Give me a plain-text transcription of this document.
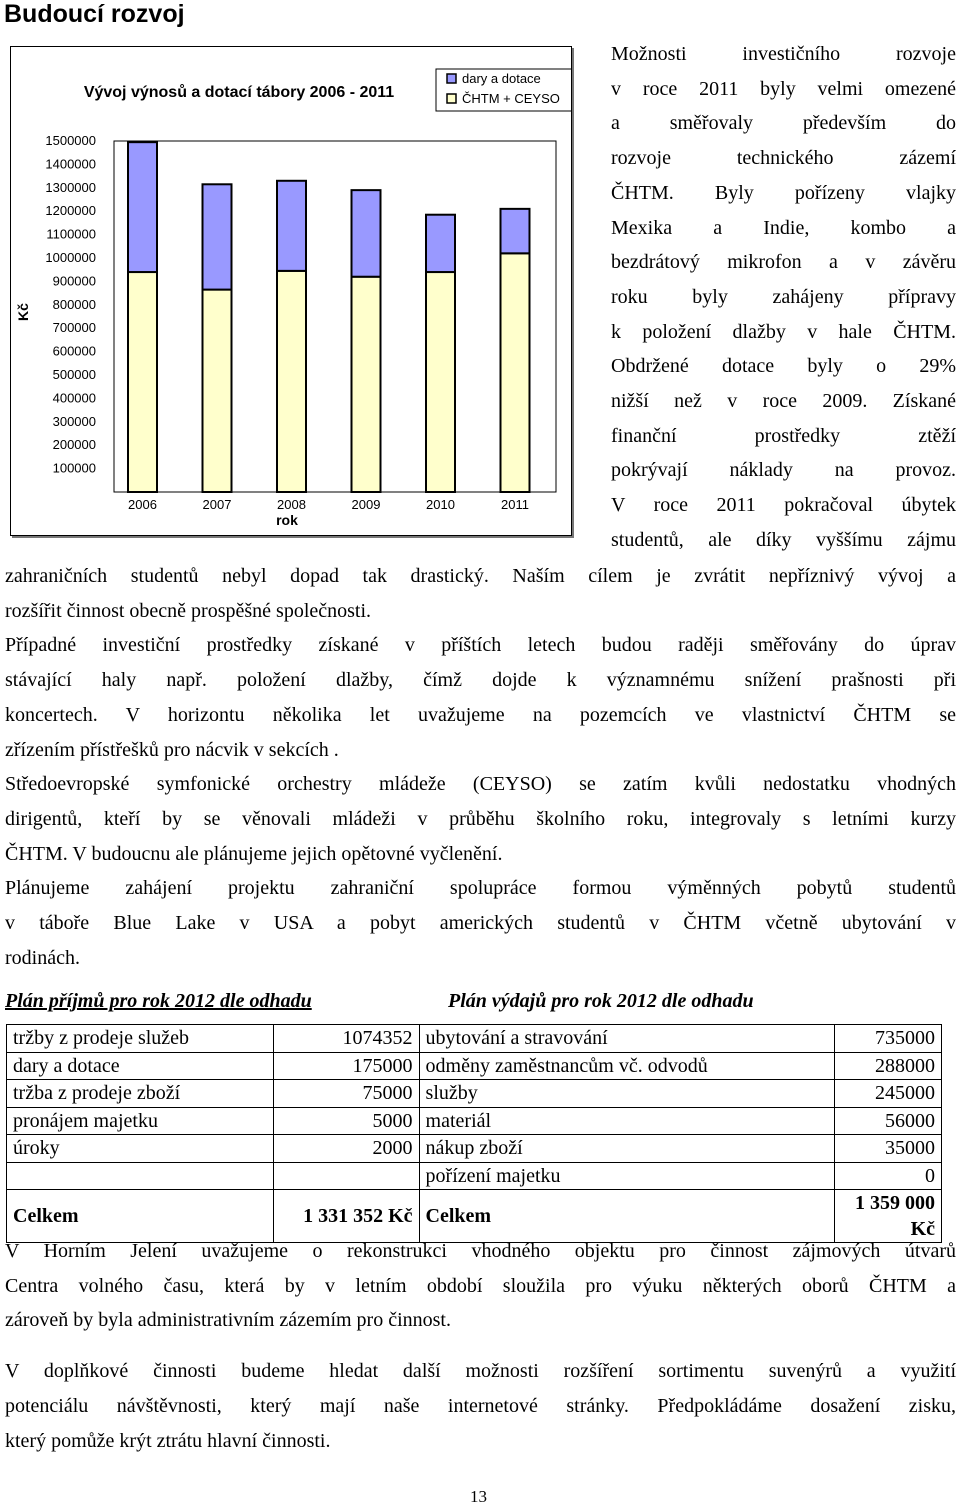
Budoucí rozvoj
Vývoj výnosů a dotací tábory 2006 - 2011
Kč
rok
1500000
1400000
1300000
1200000
1100000
1000000
900000
800000
700000
600000
500000
400000
300000
200000
100000
2006	2007	2008	2009	2010	2011
dary a dotace
ČHTM + CEYSO
Možnosti investičního rozvoje
v roce 2011 byly velmi omezené
a směřovaly především do
rozvoje technického zázemí
ČHTM. Byly pořízeny vlajky
Mexika a Indie, kombo a
bezdrátový mikrofon a v závěru
roku byly zahájeny přípravy
k položení dlažby v hale ČHTM.
Obdržené dotace byly o 29%
nižší než v roce 2009. Získané
finanční prostředky ztěží
pokrývají náklady na provoz.
V roce 2011 pokračoval úbytek
studentů, ale díky vyššímu zájmu
zahraničních studentů nebyl dopad tak drastický. Naším cílem je zvrátit nepříznivý vývoj a
rozšířit činnost obecně prospěšné společnosti.
Případné investiční prostředky získané v příštích letech budou raději směřovány do úprav
stávající haly např. položení dlažby, čímž dojde k významnému snížení prašnosti při
koncertech. V horizontu několika let uvažujeme na pozemcích ve vlastnictví ČHTM se
zřízením přístřešků pro nácvik v sekcích .
Středoevropské symfonické orchestry mládeže (CEYSO) se zatím kvůli nedostatku vhodných
dirigentů, kteří by se věnovali mládeži v průběhu školního roku, integrovaly s letními kurzy
ČHTM. V budoucnu ale plánujeme jejich opětovné vyčlenění.
Plánujeme zahájení projektu zahraniční spolupráce formou výměnných pobytů studentů
v táboře Blue Lake v USA a pobyt amerických studentů v ČHTM včetně ubytování v
rodinách.
Plán příjmů pro rok 2012 dle odhadu	Plán výdajů pro rok 2012 dle odhadu
tržby z prodeje služeb	1074352	ubytování a stravování	735000
dary a dotace	175000	odměny zaměstnancům vč. odvodů	288000
tržba z prodeje zboží	75000	služby	245000
pronájem majetku	5000	materiál	56000
úroky	2000	nákup zboží	35000
		pořízení majetku	0
Celkem	1 331 352 Kč	Celkem	1 359 000 Kč
V Horním Jelení uvažujeme o rekonstrukci vhodného objektu pro činnost zájmových útvarů
Centra volného času, která by v letním období sloužila pro výuku některých oborů ČHTM a
zároveň by byla administrativním zázemím pro činnost.
V doplňkové činnosti budeme hledat další možnosti rozšíření sortimentu suvenýrů a využití
potenciálu návštěvnosti, který mají naše internetové stránky. Předpokládáme dosažení zisku,
který pomůže krýt ztrátu hlavní činnosti.
13
